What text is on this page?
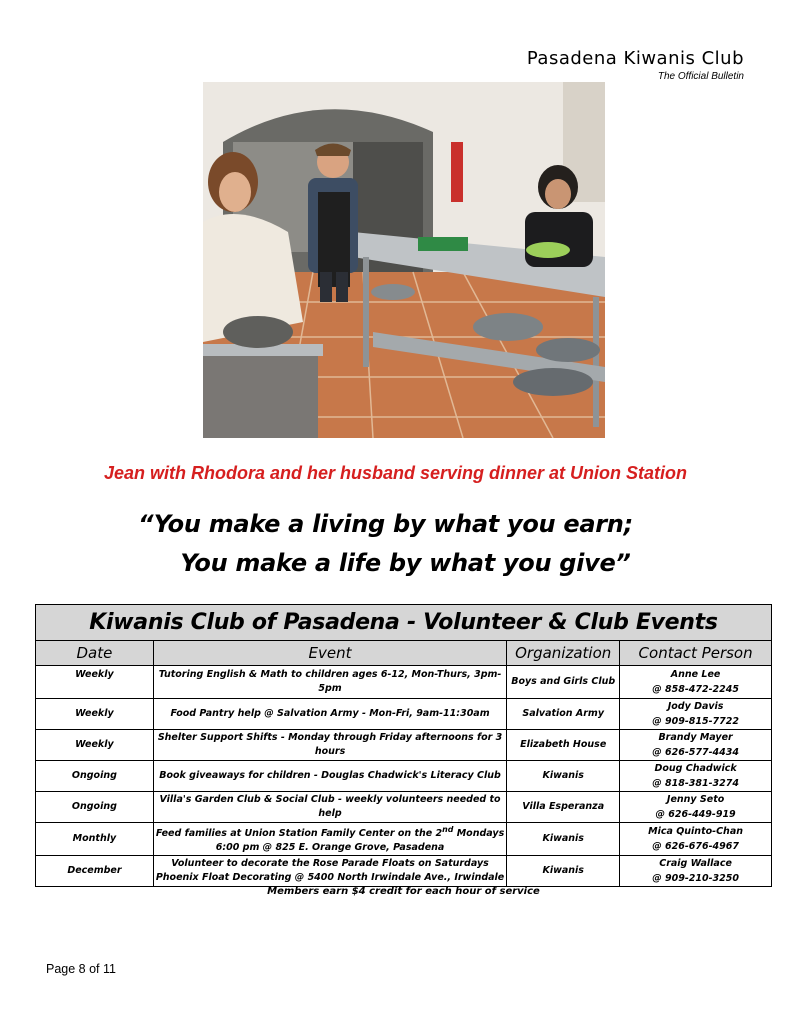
Pasadena Kiwanis Club
The Official Bulletin
Jean with Rhodora and her husband serving dinner at Union Station
“You make a living by what you earn;
You make a life by what you give”
Kiwanis Club of Pasadena - Volunteer & Club Events			
Date	Event	Organization	Contact Person
Weekly	Tutoring English & Math to children ages 6-12, Mon-Thurs, 3pm-5pm	Boys and Girls Club	Anne Lee
@ 858-472-2245
Weekly	Food Pantry help @ Salvation Army - Mon-Fri, 9am-11:30am	Salvation Army	Jody Davis
@ 909-815-7722
Weekly	Shelter Support Shifts - Monday through Friday afternoons for 3 hours	Elizabeth House	Brandy Mayer
@ 626-577-4434
Ongoing	Book giveaways for children - Douglas Chadwick's Literacy Club	Kiwanis	Doug Chadwick
@ 818-381-3274
Ongoing	Villa's Garden Club & Social Club - weekly volunteers needed to help	Villa Esperanza	Jenny Seto
@ 626-449-919
Monthly	Feed families at Union Station Family Center on the 2nd Mondays
6:00 pm @ 825 E. Orange Grove, Pasadena	Kiwanis	Mica Quinto-Chan
@ 626-676-4967
December	Volunteer to decorate the Rose Parade Floats on Saturdays
Phoenix Float Decorating @ 5400 North Irwindale Ave., Irwindale	Kiwanis	Craig Wallace
@ 909-210-3250
Members earn $4 credit for each hour of service
Page 8 of 11
